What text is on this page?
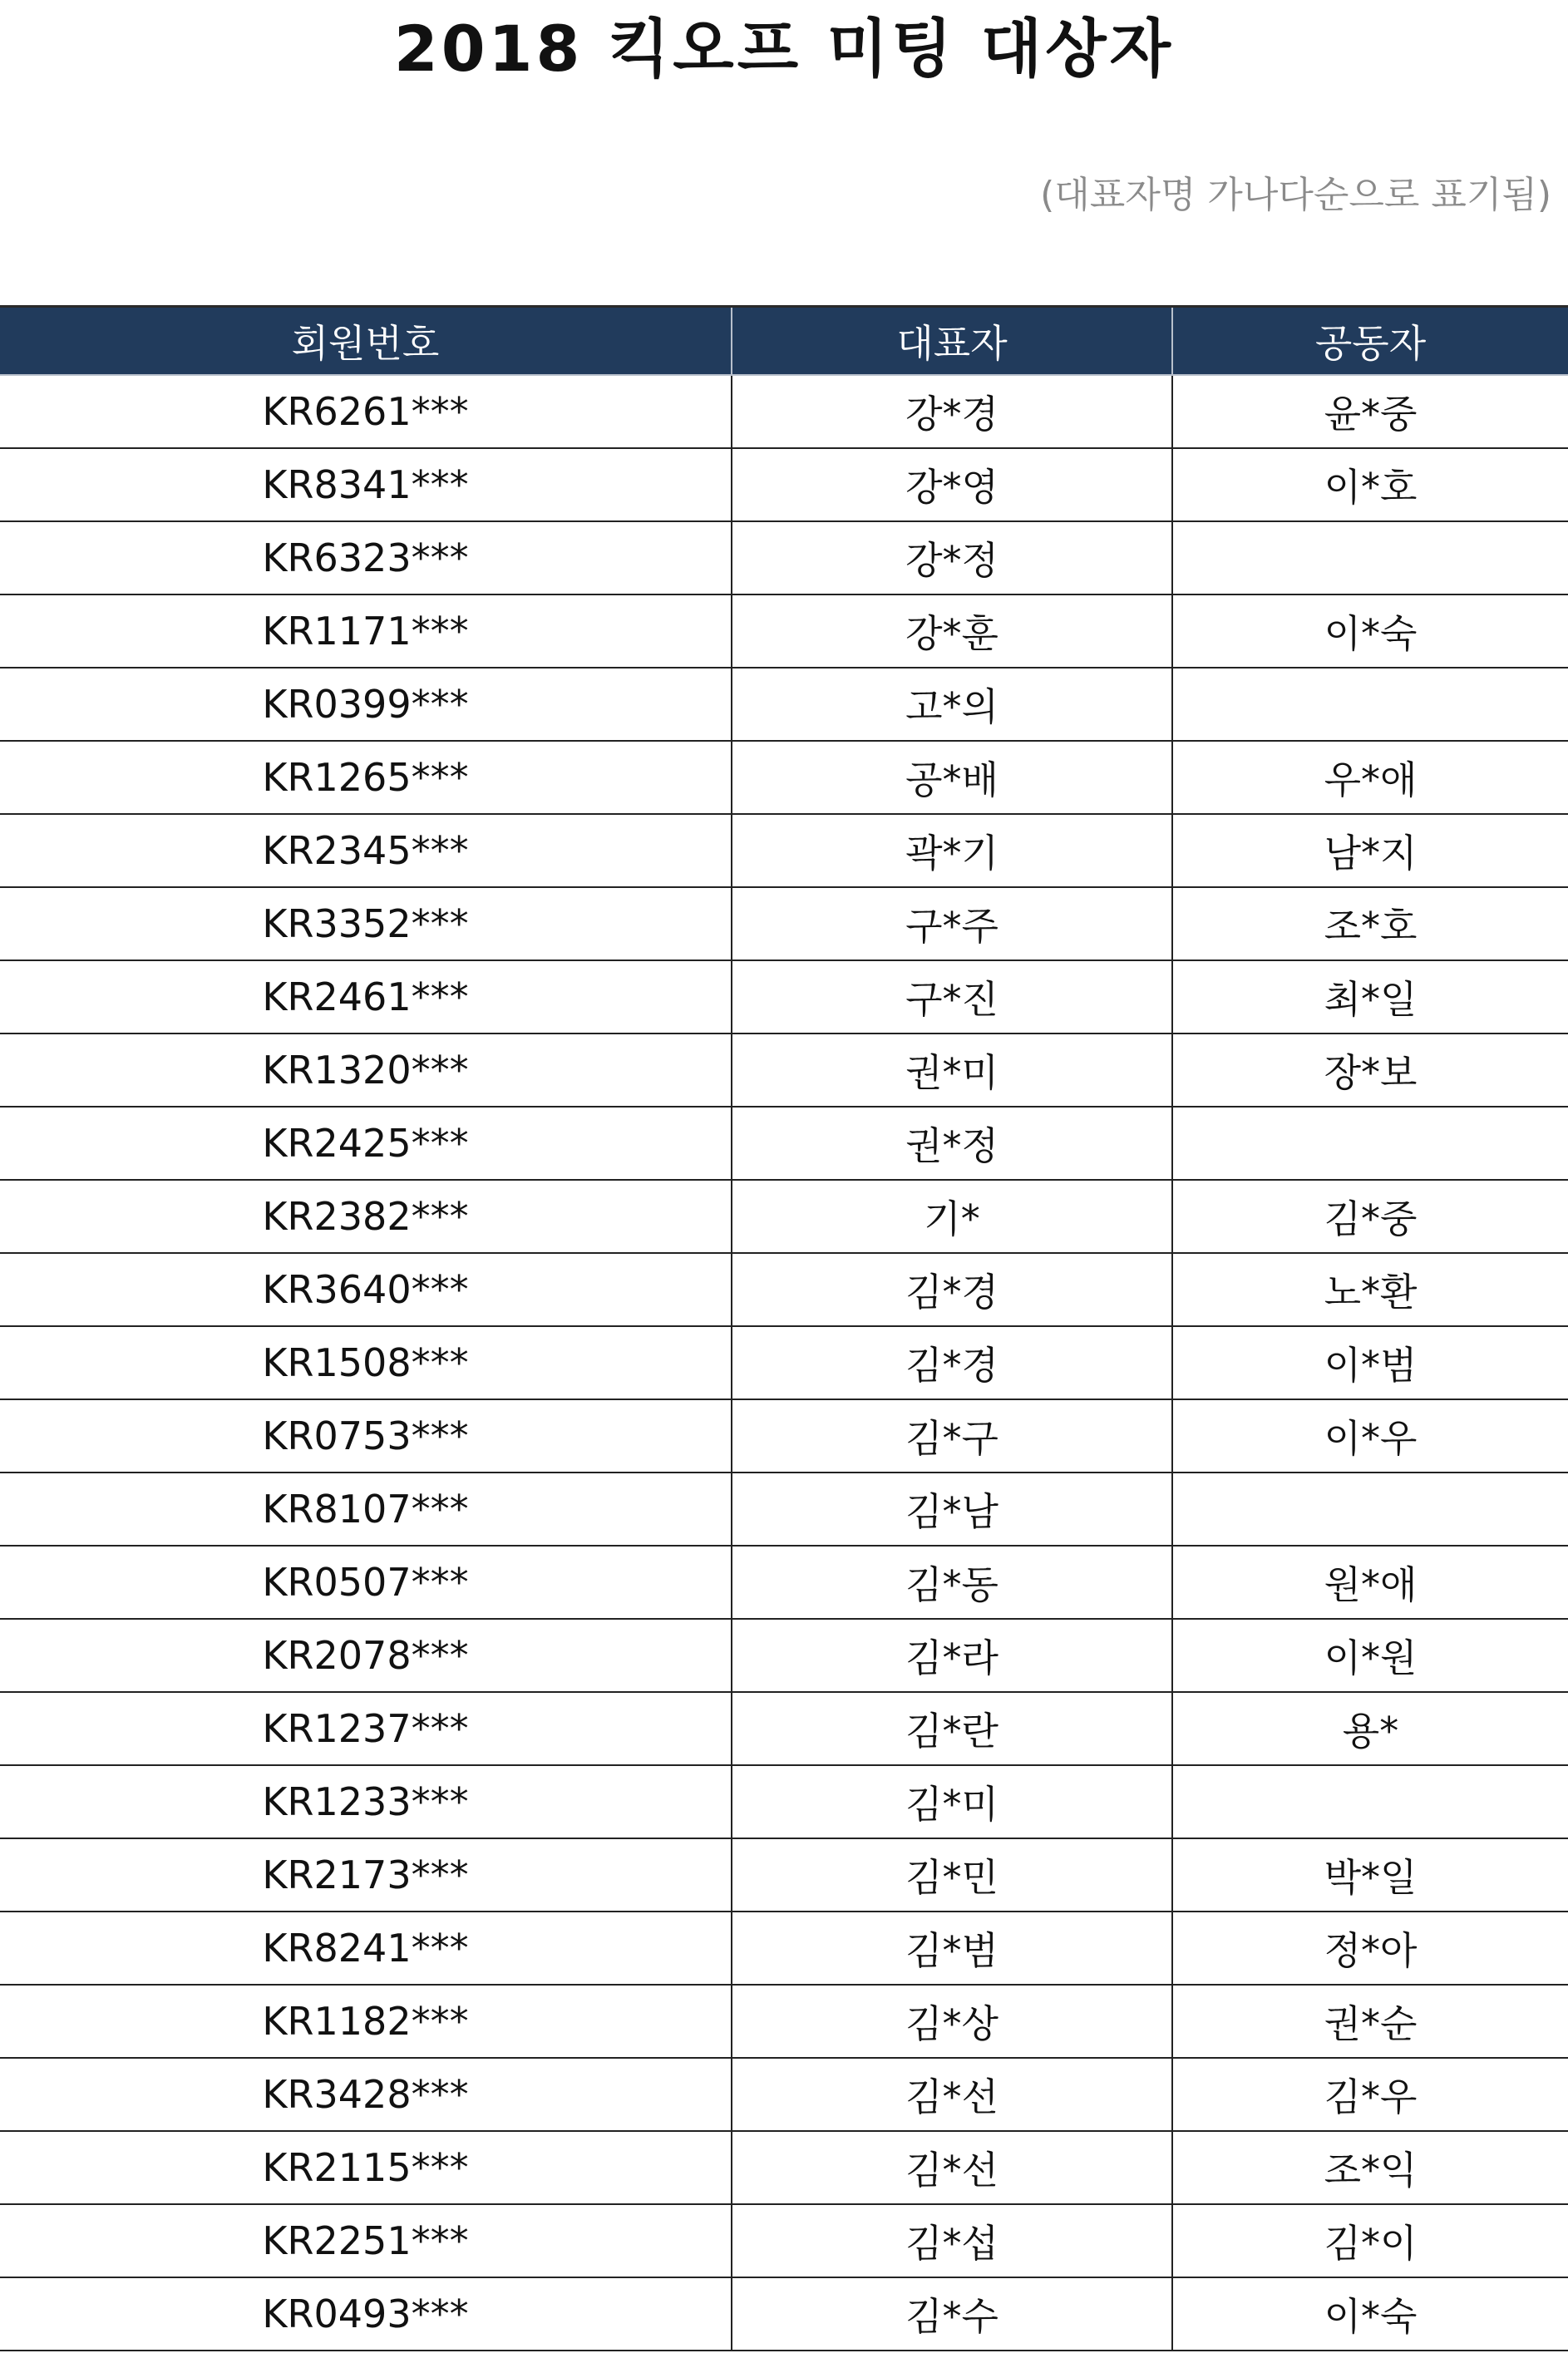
2018 킥오프 미팅 대상자
(대표자명 가나다순으로 표기됨)
회원번호	대표자	공동자
KR6261***	강*경	윤*중
KR8341***	강*영	이*호
KR6323***	강*정	
KR1171***	강*훈	이*숙
KR0399***	고*의	
KR1265***	공*배	우*애
KR2345***	곽*기	남*지
KR3352***	구*주	조*호
KR2461***	구*진	최*일
KR1320***	권*미	장*보
KR2425***	권*정	
KR2382***	기*	김*중
KR3640***	김*경	노*환
KR1508***	김*경	이*범
KR0753***	김*구	이*우
KR8107***	김*남	
KR0507***	김*동	원*애
KR2078***	김*라	이*원
KR1237***	김*란	용*
KR1233***	김*미	
KR2173***	김*민	박*일
KR8241***	김*범	정*아
KR1182***	김*상	권*순
KR3428***	김*선	김*우
KR2115***	김*선	조*익
KR2251***	김*섭	김*이
KR0493***	김*수	이*숙
